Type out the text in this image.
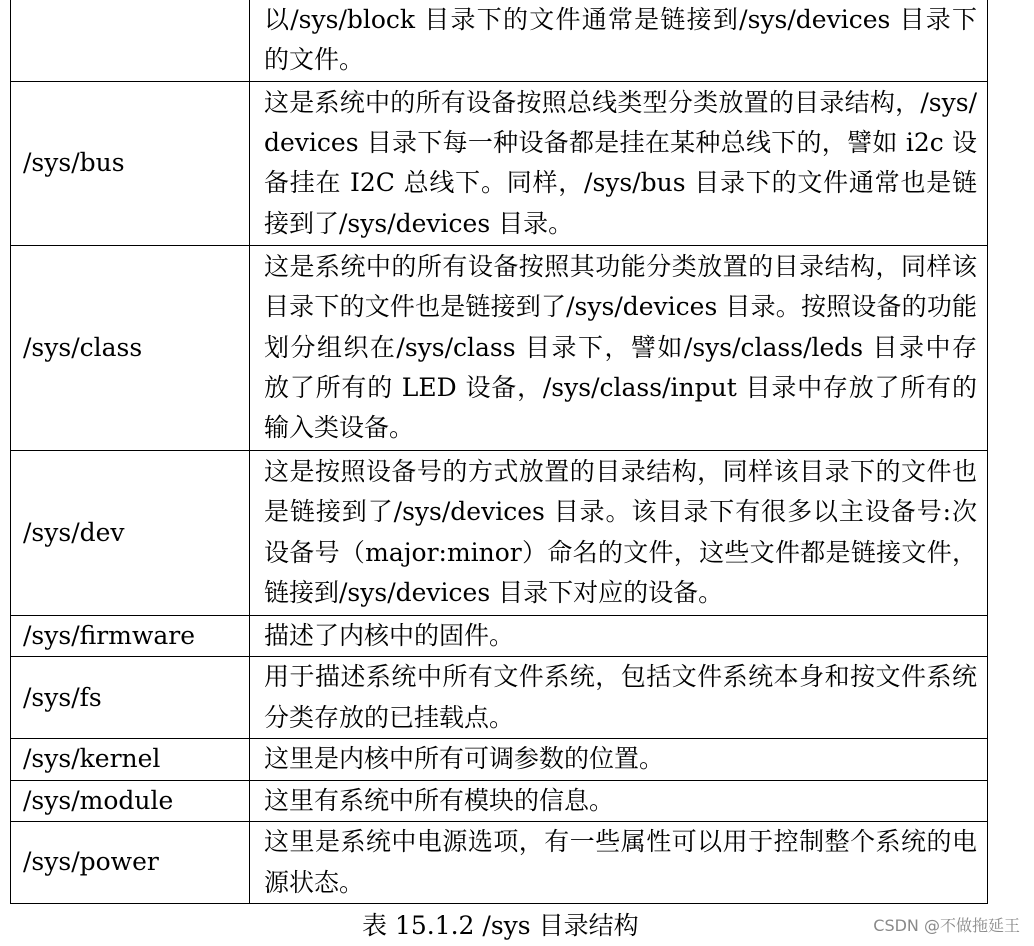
	以/sys/block 目录下的文件通常是链接到/sys/devices 目录下的文件。
/sys/bus	这是系统中的所有设备按照总线类型分类放置的目录结构，/sys/devices 目录下每一种设备都是挂在某种总线下的，譬如 i2c 设备挂在 I2C 总线下。同样，/sys/bus 目录下的文件通常也是链接到了/sys/devices 目录。
/sys/class	这是系统中的所有设备按照其功能分类放置的目录结构，同样该目录下的文件也是链接到了/sys/devices 目录。按照设备的功能划分组织在/sys/class 目录下，譬如/sys/class/leds 目录中存放了所有的 LED 设备，/sys/class/input 目录中存放了所有的输入类设备。
/sys/dev	这是按照设备号的方式放置的目录结构，同样该目录下的文件也是链接到了/sys/devices 目录。该目录下有很多以主设备号:次设备号（major:minor）命名的文件，这些文件都是链接文件，链接到/sys/devices 目录下对应的设备。
/sys/firmware	描述了内核中的固件。
/sys/fs	用于描述系统中所有文件系统，包括文件系统本身和按文件系统分类存放的已挂载点。
/sys/kernel	这里是内核中所有可调参数的位置。
/sys/module	这里有系统中所有模块的信息。
/sys/power	这里是系统中电源选项，有一些属性可以用于控制整个系统的电源状态。
表 15.1.2 /sys 目录结构	CSDN @不做拖延王
